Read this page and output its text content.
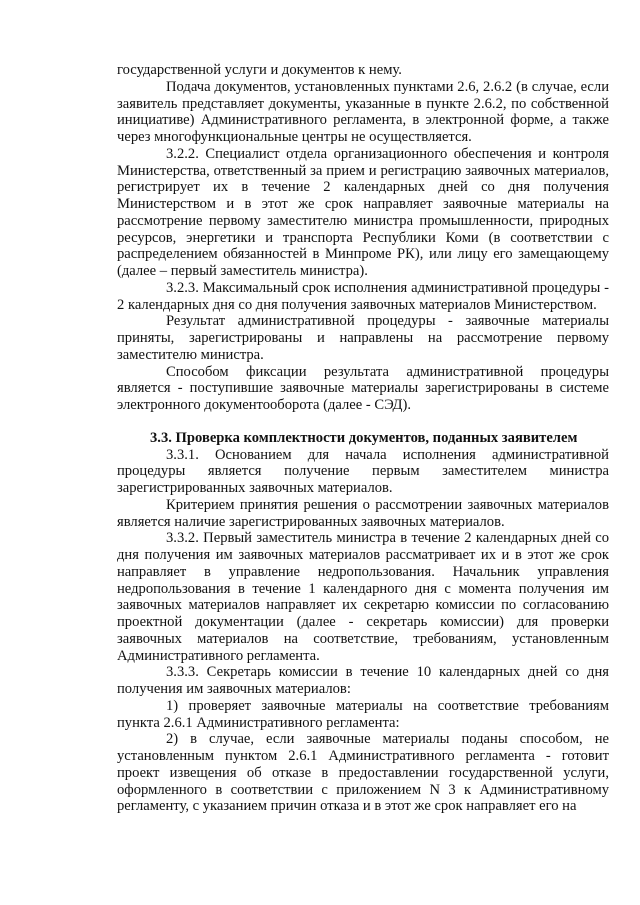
государственной услуги и документов к нему.

Подача документов, установленных пунктами 2.6, 2.6.2 (в случае, если заявитель представляет документы, указанные в пункте 2.6.2, по собственной инициативе) Административного регламента, в электронной форме, а также через многофункциональные центры не осуществляется.

3.2.2. Специалист отдела организационного обеспечения и контроля Министерства, ответственный за прием и регистрацию заявочных материалов, регистрирует их в течение 2 календарных дней со дня получения Министерством и в этот же срок направляет заявочные материалы на рассмотрение первому заместителю министра промышленности, природных ресурсов, энергетики и транспорта Республики Коми (в соответствии с распределением обязанностей в Минпроме РК), или лицу его замещающему (далее – первый заместитель министра).

3.2.3. Максимальный срок исполнения административной процедуры - 2 календарных дня со дня получения заявочных материалов Министерством.

Результат административной процедуры - заявочные материалы приняты, зарегистрированы и направлены на рассмотрение первому заместителю министра.

Способом фиксации результата административной процедуры является - поступившие заявочные материалы зарегистрированы в системе электронного документооборота (далее - СЭД).

3.3. Проверка комплектности документов, поданных заявителем

3.3.1. Основанием для начала исполнения административной процедуры является получение первым заместителем министра зарегистрированных заявочных материалов.

Критерием принятия решения о рассмотрении заявочных материалов является наличие зарегистрированных заявочных материалов.

3.3.2. Первый заместитель министра в течение 2 календарных дней со дня получения им заявочных материалов рассматривает их и в этот же срок направляет в управление недропользования. Начальник управления недропользования в течение 1 календарного дня с момента получения им заявочных материалов направляет их секретарю комиссии по согласованию проектной документации (далее - секретарь комиссии) для проверки заявочных материалов на соответствие, требованиям, установленным Административного регламента.

3.3.3. Секретарь комиссии в течение 10 календарных дней со дня получения им заявочных материалов:

1) проверяет заявочные материалы на соответствие требованиям пункта 2.6.1 Административного регламента:

2) в случае, если заявочные материалы поданы способом, не установленным пунктом 2.6.1 Административного регламента - готовит проект извещения об отказе в предоставлении государственной услуги, оформленного в соответствии с приложением N 3 к Административному регламенту, с указанием причин отказа и в этот же срок направляет его на
